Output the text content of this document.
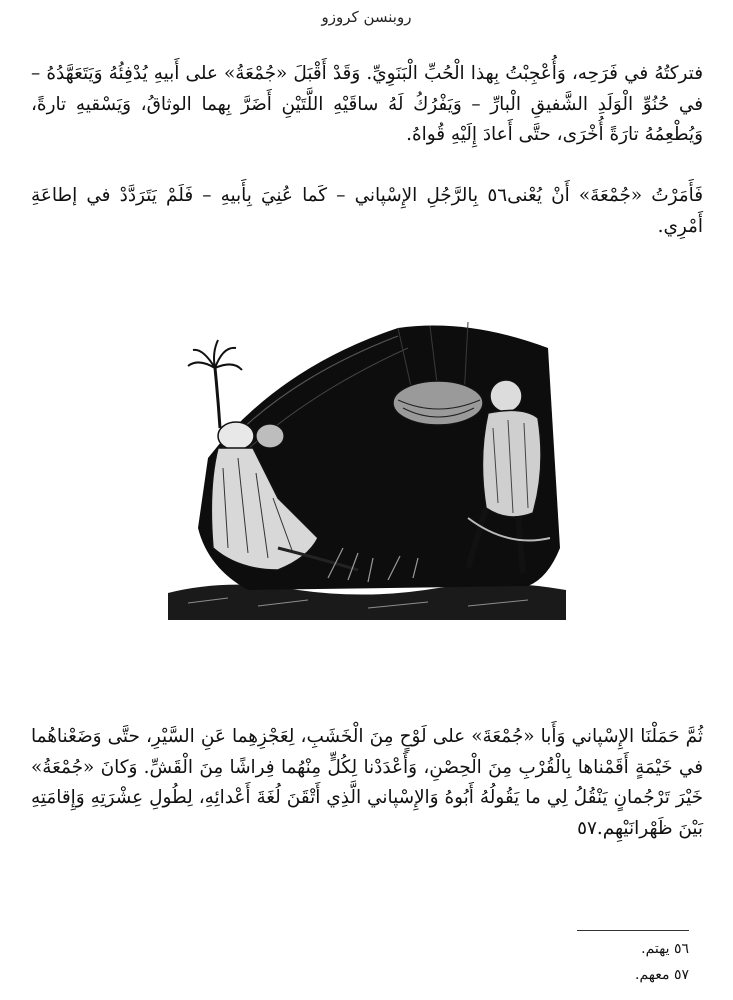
روبنسن كروزو

فتركتُهُ في فَرَحِه، وَأُعْجِبْتُ بِهذا الْحُبِّ الْبَنَوِيِّ. وَقَدْ أَقْبَلَ «جُمْعَةُ» على أَبيهِ يُدْفِئُهُ وَيَتَعَهَّدُهُ – في حُنُوِّ الْوَلَدِ الشَّفيقِ الْبارِّ – وَيَفْرُكُ لَهُ ساقَيْهِ اللَّتَيْنِ أَضَرَّ بِهما الوثاقُ، وَيَسْقيهِ تارةً، وَيُطْعِمُهُ تارَةً أُخْرَى، حتَّى أَعادَ إِلَيْهِ قُواهُ.

فَأَمَرْتُ «جُمْعَةَ» أَنْ يُعْنى٥٦ بِالرَّجُلِ الإِسْپاني – كَما عُنِيَ بِأَبيهِ – فَلَمْ يَتَرَدَّدْ في إطاعَةِ أَمْرِي.

ثُمَّ حَمَلْنَا الإِسْپاني وَأَبا «جُمْعَةَ» على لَوْحٍ مِنَ الْخَشَبِ، لِعَجْزِهِما عَنِ السَّيْرِ، حتَّى وَضَعْناهُما في خَيْمَةٍ أَقَمْناها بِالْقُرْبِ مِنَ الْحِصْنِ، وَأَعْدَدْنا لِكُلٍّ مِنْهُما فِراشًا مِنَ الْقَشِّ. وَكانَ «جُمْعَةُ» خَيْرَ تَرْجُمانٍ يَنْقُلُ لِي ما يَقُولُهُ أَبُوهُ وَالإِسْپاني الَّذِي أَتْقَنَ لُغَةَ أَعْدائِهِ، لِطُولِ عِشْرَتِهِ وَإِقامَتِهِ بَيْنَ ظَهْرانَيْهِم.٥٧

٥٦ يهتم.
٥٧ معهم.
